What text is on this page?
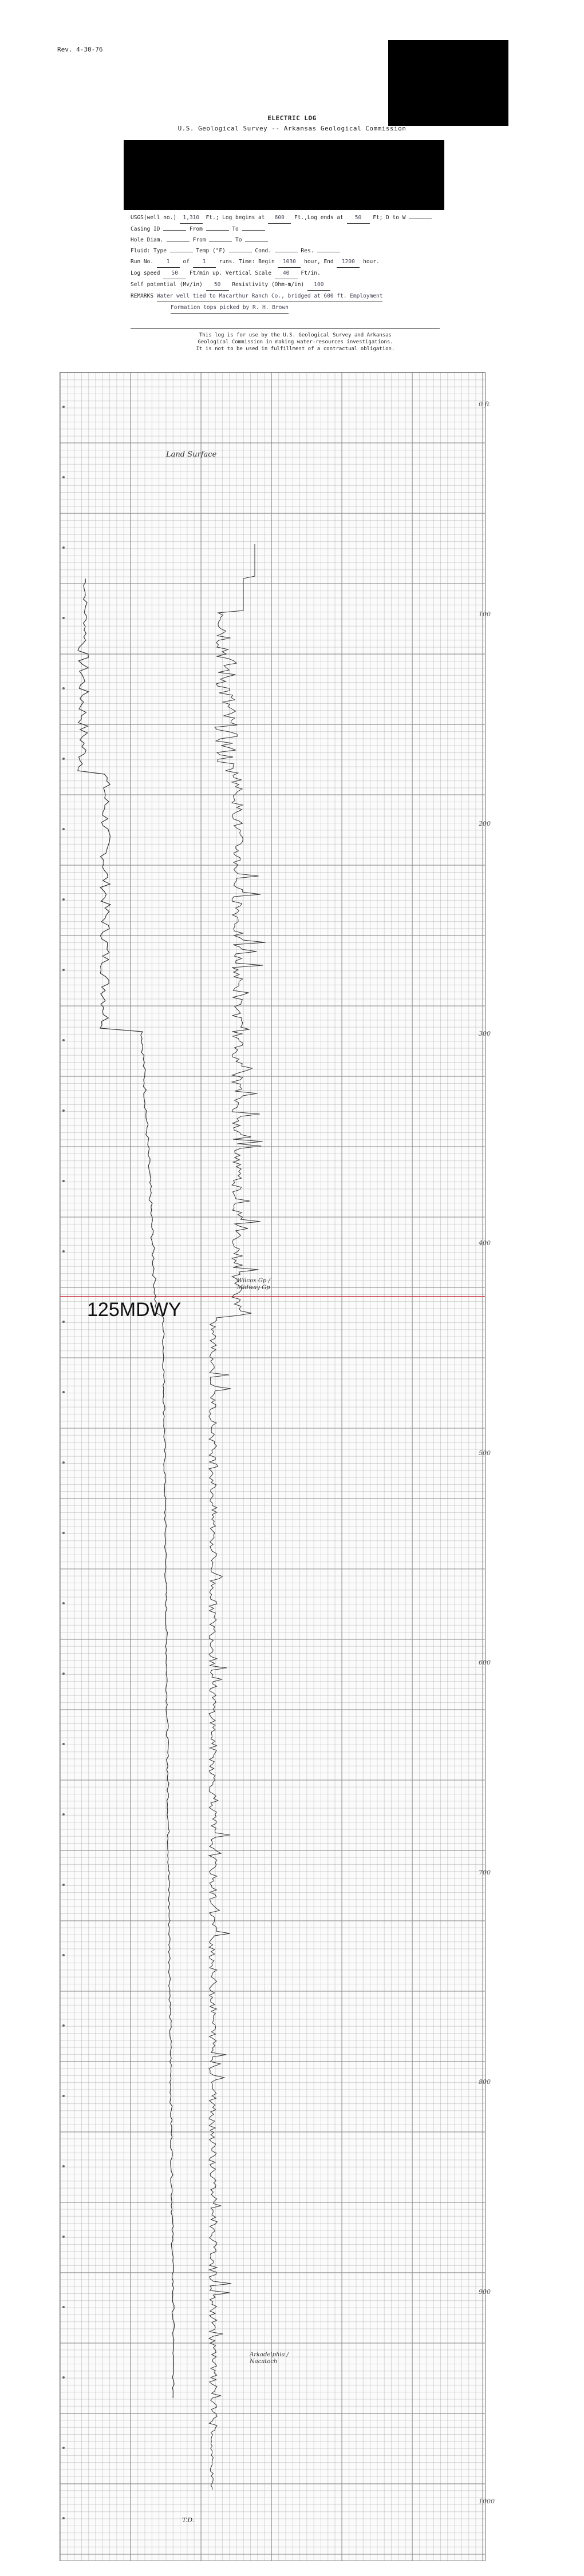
Rev. 4-30-76
ELECTRIC LOG
U.S. Geological Survey -- Arkansas Geological Commission
USGS(well no.) 1,310 Ft.; Log begins at 600 Ft.,Log ends at 50 Ft; D to W
Casing ID	From	To
Hole Diam.	From	To
Fluid: Type	Temp (°F)	Cond.	Res.
Run No. 1 of 1 runs. Time: Begin 1030 hour, End 1200 hour.
Log speed 50 Ft/min up. Vertical Scale 40 Ft/in.
Self potential (Mv/in) 50 Resistivity (Ohm-m/in) 100
REMARKS Water well tied to Macarthur Ranch Co., bridged at 600 ft. Employment
Formation tops picked by R. H. Brown
This log is for use by the U.S. Geological Survey and Arkansas
Geological Commission in making water-resources investigations.
It is not to be used in fulfillment of a contractual obligation.
125MDWY
Land Surface
Wilcox Gp / Midway Gp
Arkadelphia / Nacatoch
T.D.
0 ft
100
200
300
400
500
600
700
800
900
1000
